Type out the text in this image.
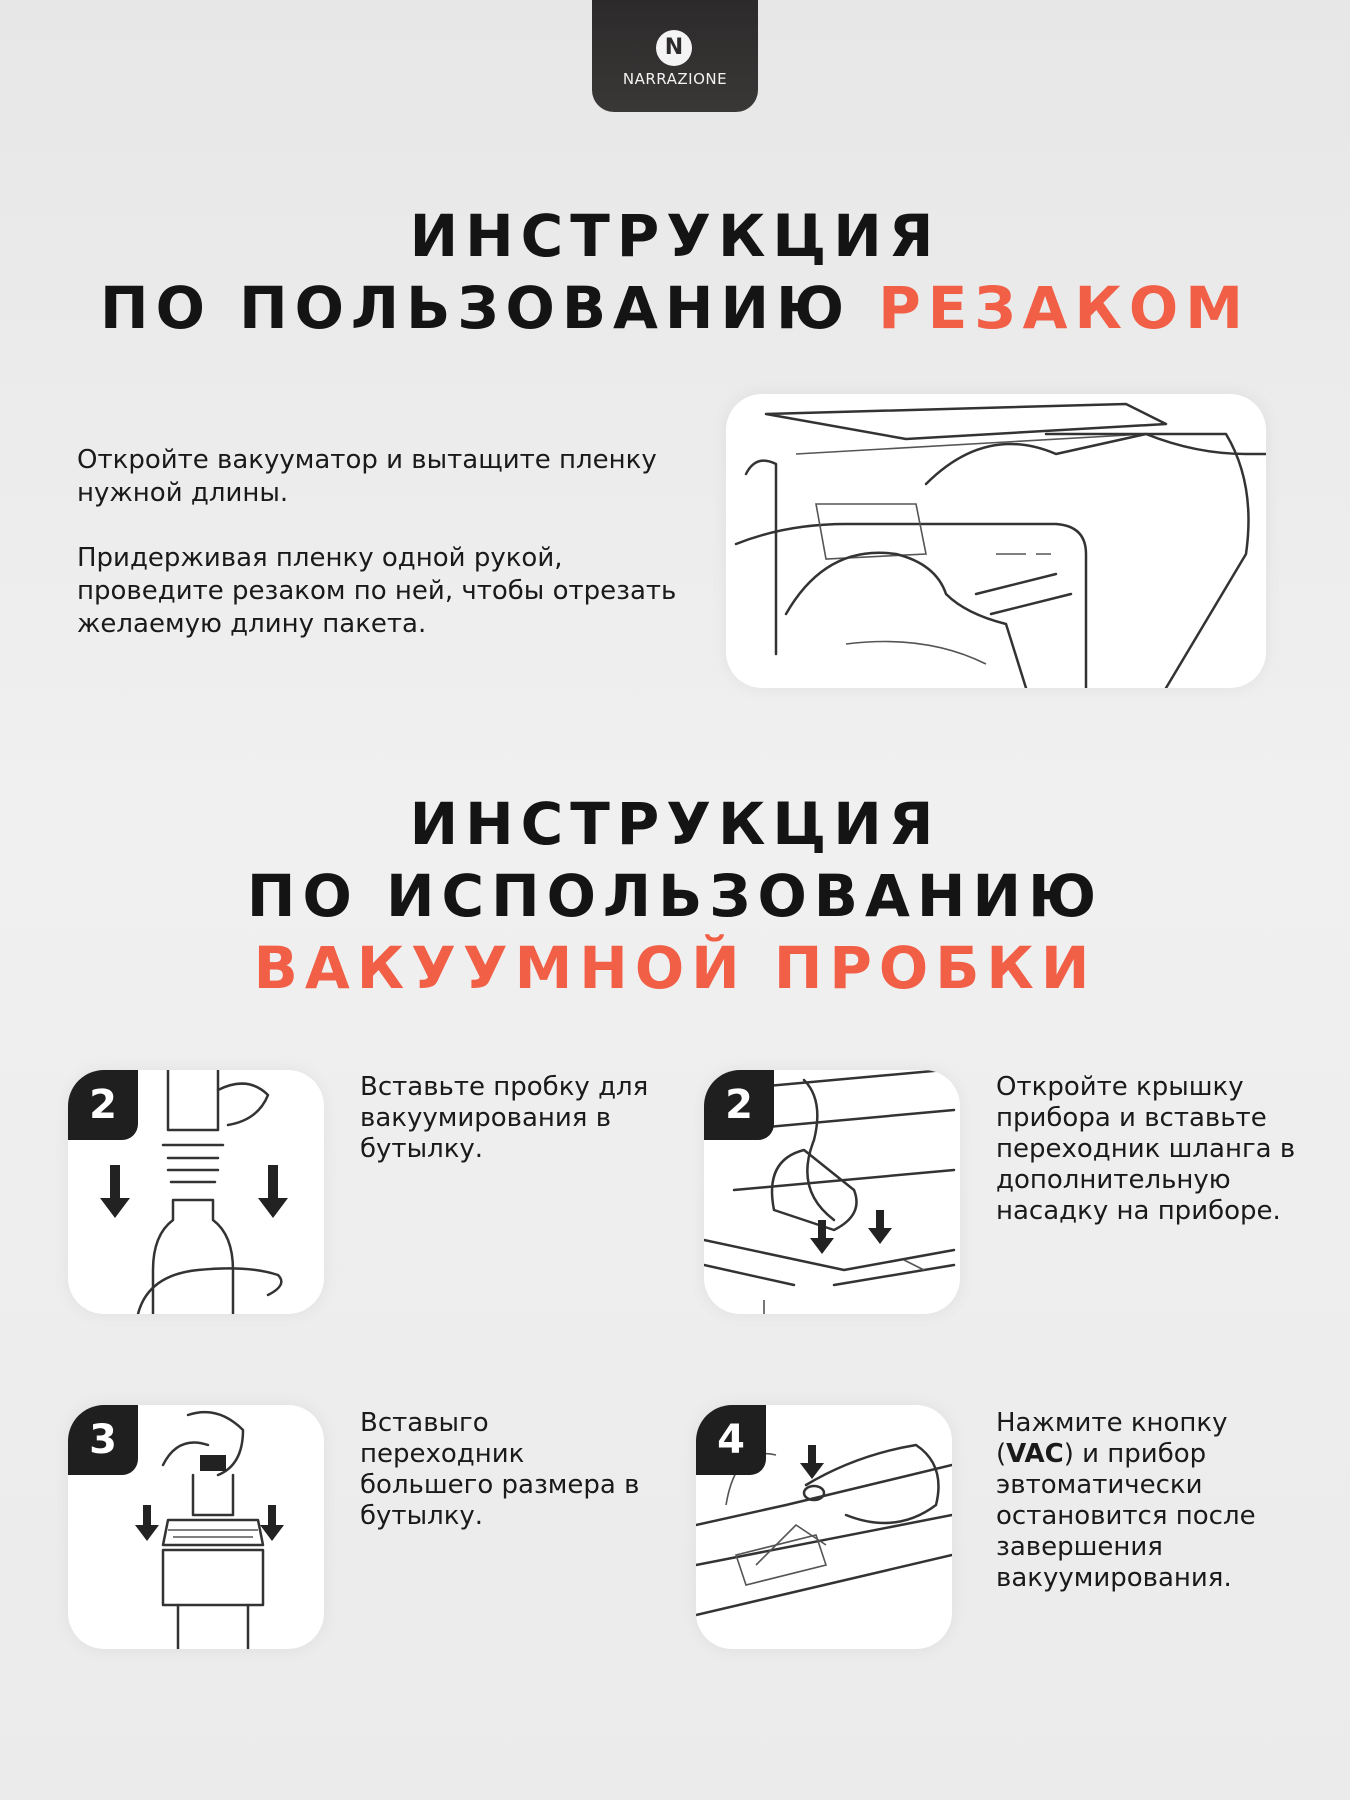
N
NARRAZIONE
ИНСТРУКЦИЯ
ПО ПОЛЬЗОВАНИЮ РЕЗАКОМ

Откройте вакууматор и вытащите пленку нужной длины.

Придерживая пленку одной рукой, проведите резаком по ней, чтобы отрезать желаемую длину пакета.

ИНСТРУКЦИЯ
ПО ИСПОЛЬЗОВАНИЮ
ВАКУУМНОЙ ПРОБКИ
2	Вставьте пробку для вакуумирования в бутылку.

2	Откройте крышку прибора и вставьте переходник шланга в дополнительную насадку на приборе.

3	Вставыго переходник большего размера в бутылку.

4	Нажмите кнопку (VAC) и прибор эвтоматически остановится после завершения вакуумирования.
